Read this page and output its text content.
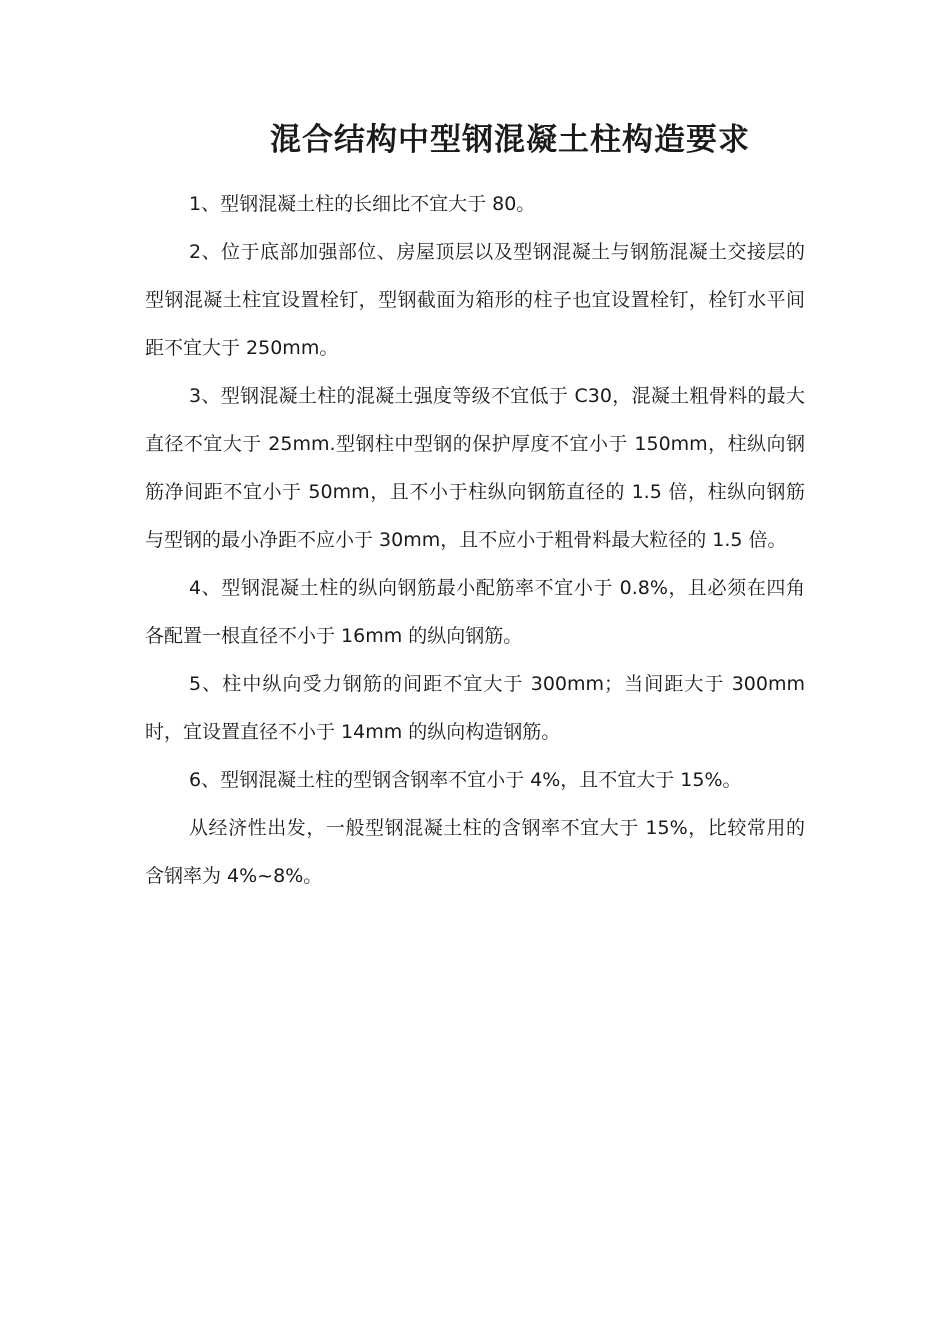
混合结构中型钢混凝土柱构造要求

1、型钢混凝土柱的长细比不宜大于 80。

2、位于底部加强部位、房屋顶层以及型钢混凝土与钢筋混凝土交接层的型钢混凝土柱宜设置栓钉，型钢截面为箱形的柱子也宜设置栓钉，栓钉水平间距不宜大于 250mm。

3、型钢混凝土柱的混凝土强度等级不宜低于 C30，混凝土粗骨料的最大直径不宜大于 25mm.型钢柱中型钢的保护厚度不宜小于 150mm，柱纵向钢筋净间距不宜小于 50mm，且不小于柱纵向钢筋直径的 1.5 倍，柱纵向钢筋与型钢的最小净距不应小于 30mm，且不应小于粗骨料最大粒径的 1.5 倍。

4、型钢混凝土柱的纵向钢筋最小配筋率不宜小于 0.8%，且必须在四角各配置一根直径不小于 16mm 的纵向钢筋。

5、柱中纵向受力钢筋的间距不宜大于 300mm；当间距大于 300mm 时，宜设置直径不小于 14mm 的纵向构造钢筋。

6、型钢混凝土柱的型钢含钢率不宜小于 4%，且不宜大于 15%。

从经济性出发，一般型钢混凝土柱的含钢率不宜大于 15%，比较常用的含钢率为 4%~8%。
